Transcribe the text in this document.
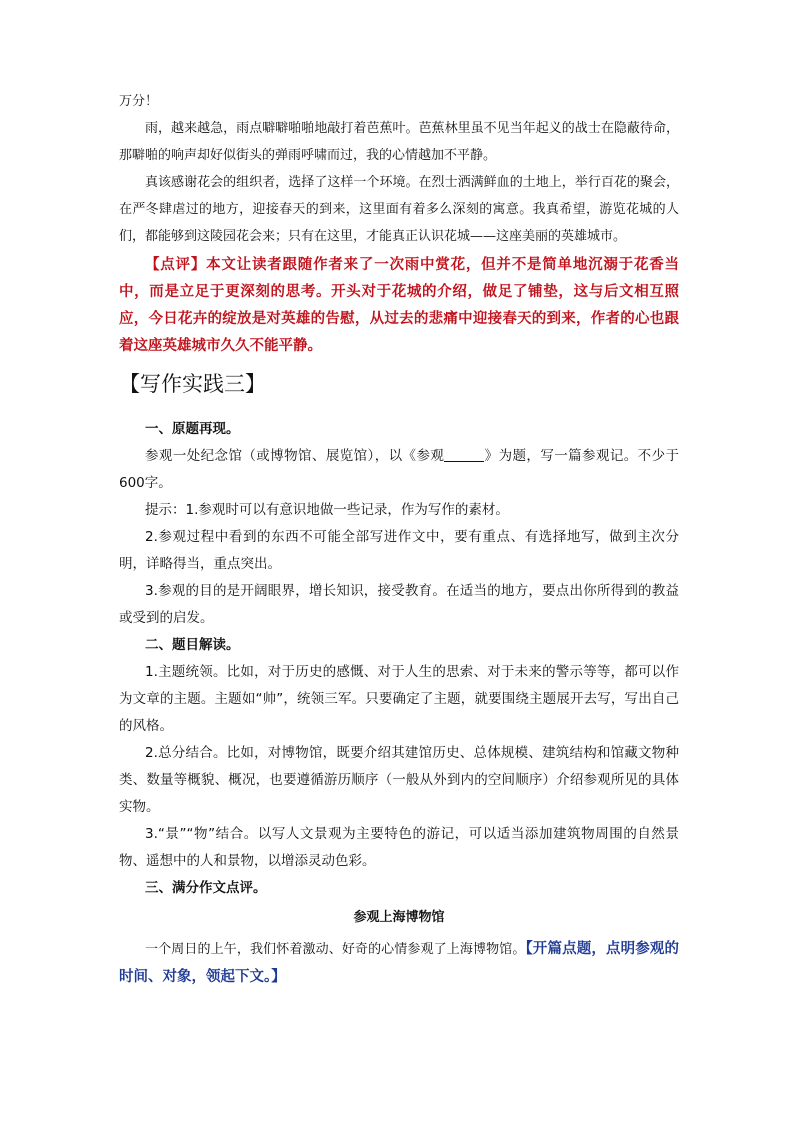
万分！

雨，越来越急，雨点噼噼啪啪地敲打着芭蕉叶。芭蕉林里虽不见当年起义的战士在隐蔽待命，那噼啪的响声却好似街头的弹雨呼啸而过，我的心情越加不平静。

真该感谢花会的组织者，选择了这样一个环境。在烈士洒满鲜血的土地上，举行百花的聚会，在严冬肆虐过的地方，迎接春天的到来，这里面有着多么深刻的寓意。我真希望，游览花城的人们，都能够到这陵园花会来；只有在这里，才能真正认识花城——这座美丽的英雄城市。

【点评】本文让读者跟随作者来了一次雨中赏花，但并不是简单地沉溺于花香当中，而是立足于更深刻的思考。开头对于花城的介绍，做足了铺垫，这与后文相互照应，今日花卉的绽放是对英雄的告慰，从过去的悲痛中迎接春天的到来，作者的心也跟着这座英雄城市久久不能平静。

【写作实践三】

一、原题再现。

参观一处纪念馆（或博物馆、展览馆），以《参观	》为题，写一篇参观记。不少于600字。

提示：1.参观时可以有意识地做一些记录，作为写作的素材。

2.参观过程中看到的东西不可能全部写进作文中，要有重点、有选择地写，做到主次分明，详略得当，重点突出。

3.参观的目的是开阔眼界，增长知识，接受教育。在适当的地方，要点出你所得到的教益或受到的启发。

二、题目解读。

1.主题统领。比如，对于历史的感慨、对于人生的思索、对于未来的警示等等，都可以作为文章的主题。主题如“帅”，统领三军。只要确定了主题，就要围绕主题展开去写，写出自己的风格。

2.总分结合。比如，对博物馆，既要介绍其建馆历史、总体规模、建筑结构和馆藏文物种类、数量等概貌、概况，也要遵循游历顺序（一般从外到内的空间顺序）介绍参观所见的具体实物。

3.“景”“物”结合。以写人文景观为主要特色的游记，可以适当添加建筑物周围的自然景物、遥想中的人和景物，以增添灵动色彩。

三、满分作文点评。

参观上海博物馆

一个周日的上午，我们怀着激动、好奇的心情参观了上海博物馆。【开篇点题，点明参观的时间、对象，领起下文。】
